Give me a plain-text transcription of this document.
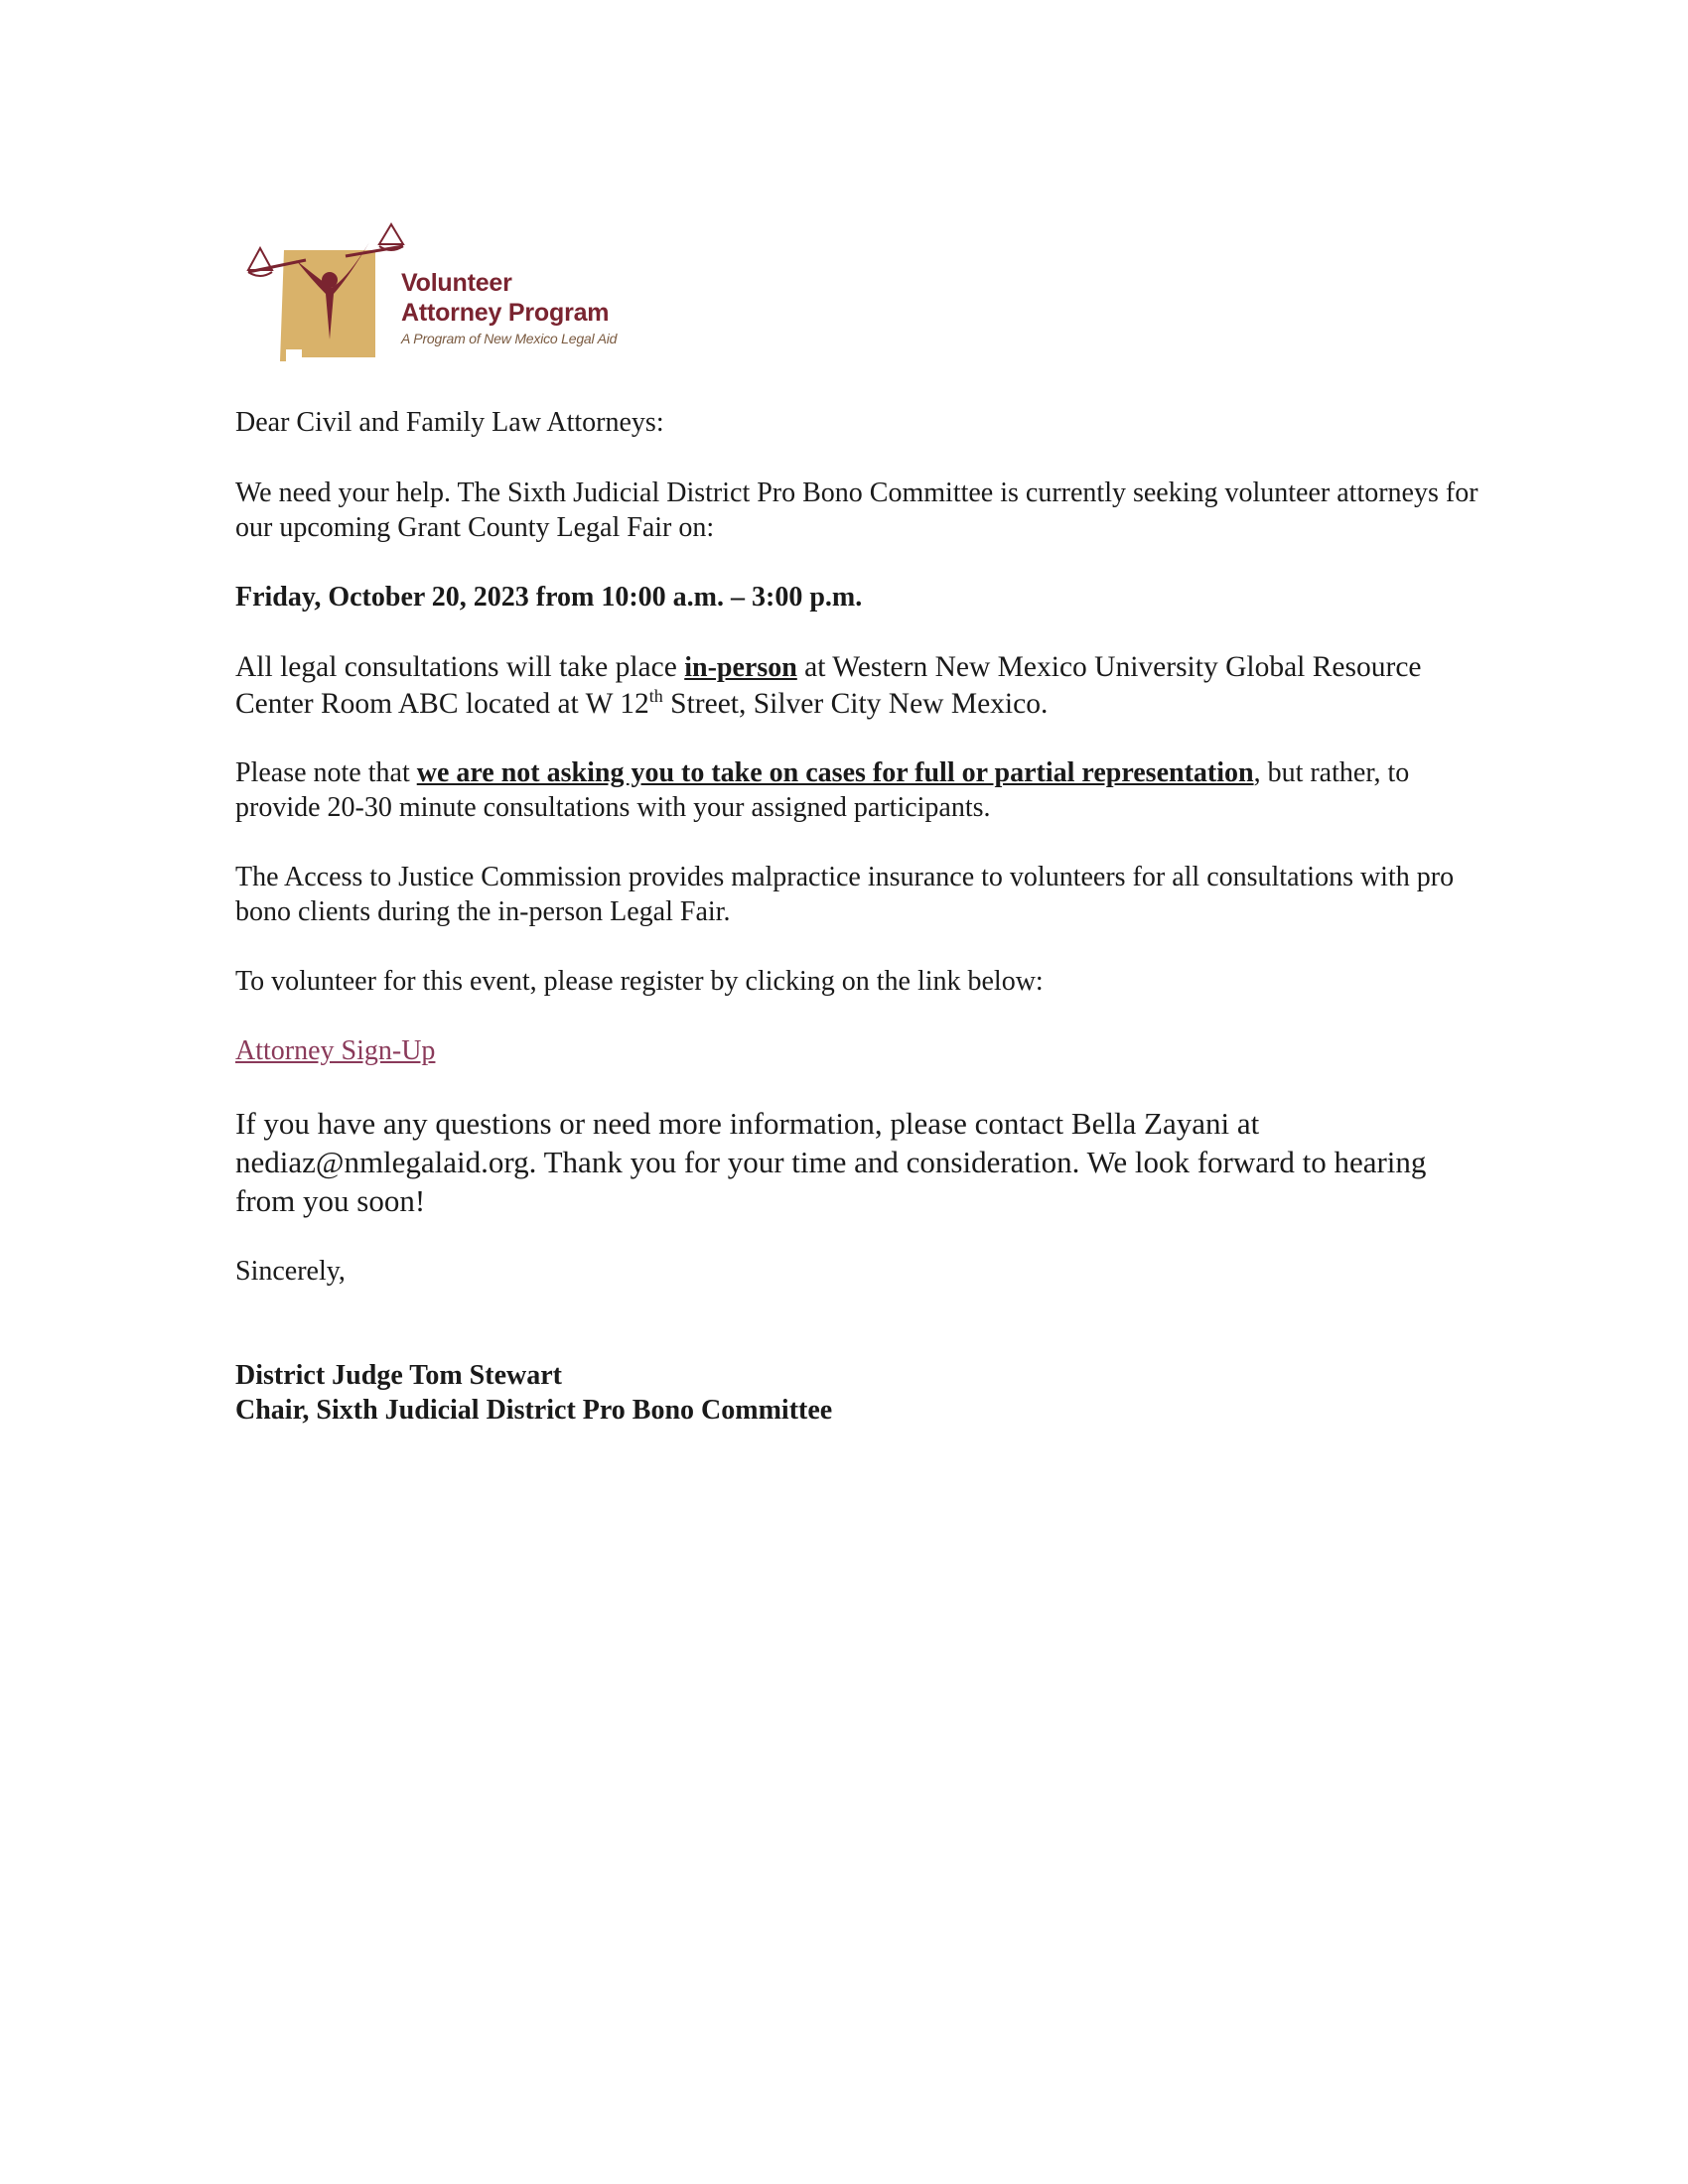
Volunteer
Attorney Program
A Program of New Mexico Legal Aid

Dear Civil and Family Law Attorneys:

We need your help. The Sixth Judicial District Pro Bono Committee is currently seeking volunteer attorneys for our upcoming Grant County Legal Fair on:

Friday, October 20, 2023 from 10:00 a.m. – 3:00 p.m.

All legal consultations will take place in-person at Western New Mexico University Global Resource Center Room ABC located at W 12th Street, Silver City New Mexico.

Please note that we are not asking you to take on cases for full or partial representation, but rather, to provide 20-30 minute consultations with your assigned participants.

The Access to Justice Commission provides malpractice insurance to volunteers for all consultations with pro bono clients during the in-person Legal Fair.

To volunteer for this event, please register by clicking on the link below:

Attorney Sign-Up

If you have any questions or need more information, please contact Bella Zayani at nediaz@nmlegalaid.org. Thank you for your time and consideration. We look forward to hearing from you soon!

Sincerely,

District Judge Tom Stewart

Chair, Sixth Judicial District Pro Bono Committee
